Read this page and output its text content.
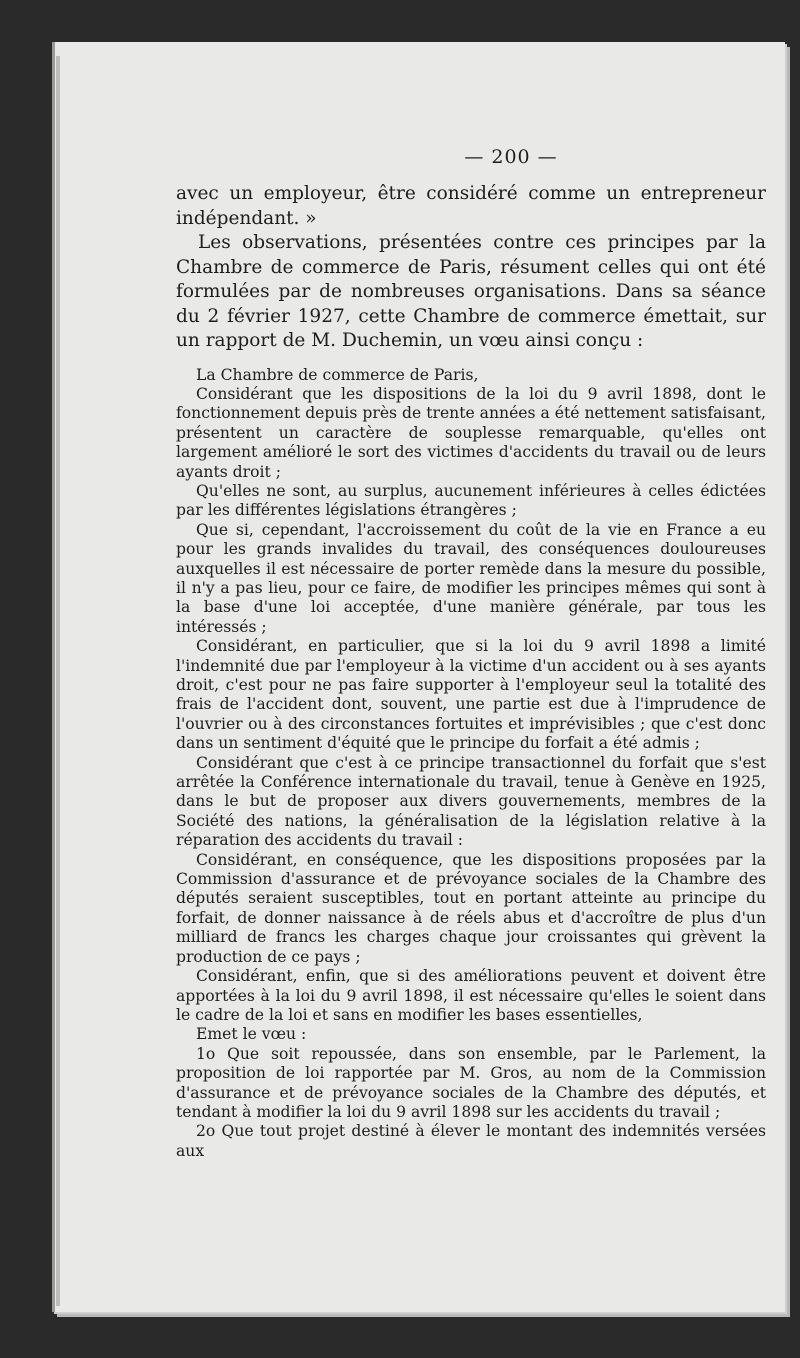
— 200 —

avec un employeur, être considéré comme un entrepreneur indépendant. »

Les observations, présentées contre ces principes par la Chambre de commerce de Paris, résument celles qui ont été formulées par de nombreuses organisations. Dans sa séance du 2 février 1927, cette Chambre de commerce émettait, sur un rapport de M. Duchemin, un vœu ainsi conçu :

La Chambre de commerce de Paris,

Considérant que les dispositions de la loi du 9 avril 1898, dont le fonctionnement depuis près de trente années a été nettement satisfaisant, présentent un caractère de souplesse remarquable, qu'elles ont largement amélioré le sort des victimes d'accidents du travail ou de leurs ayants droit ;

Qu'elles ne sont, au surplus, aucunement inférieures à celles édictées par les différentes législations étrangères ;

Que si, cependant, l'accroissement du coût de la vie en France a eu pour les grands invalides du travail, des conséquences douloureuses auxquelles il est nécessaire de porter remède dans la mesure du possible, il n'y a pas lieu, pour ce faire, de modifier les principes mêmes qui sont à la base d'une loi acceptée, d'une manière générale, par tous les intéressés ;

Considérant, en particulier, que si la loi du 9 avril 1898 a limité l'indemnité due par l'employeur à la victime d'un accident ou à ses ayants droit, c'est pour ne pas faire supporter à l'employeur seul la totalité des frais de l'accident dont, souvent, une partie est due à l'imprudence de l'ouvrier ou à des circonstances fortuites et imprévisibles ; que c'est donc dans un sentiment d'équité que le principe du forfait a été admis ;

Considérant que c'est à ce principe transactionnel du forfait que s'est arrêtée la Conférence internationale du travail, tenue à Genève en 1925, dans le but de proposer aux divers gouvernements, membres de la Société des nations, la généralisation de la législation relative à la réparation des accidents du travail :

Considérant, en conséquence, que les dispositions proposées par la Commission d'assurance et de prévoyance sociales de la Chambre des députés seraient susceptibles, tout en portant atteinte au principe du forfait, de donner naissance à de réels abus et d'accroître de plus d'un milliard de francs les charges chaque jour croissantes qui grèvent la production de ce pays ;

Considérant, enfin, que si des améliorations peuvent et doivent être apportées à la loi du 9 avril 1898, il est nécessaire qu'elles le soient dans le cadre de la loi et sans en modifier les bases essentielles,

Emet le vœu :

1o Que soit repoussée, dans son ensemble, par le Parlement, la proposition de loi rapportée par M. Gros, au nom de la Commission d'assurance et de prévoyance sociales de la Chambre des députés, et tendant à modifier la loi du 9 avril 1898 sur les accidents du travail ;

2o Que tout projet destiné à élever le montant des indemnités versées aux
